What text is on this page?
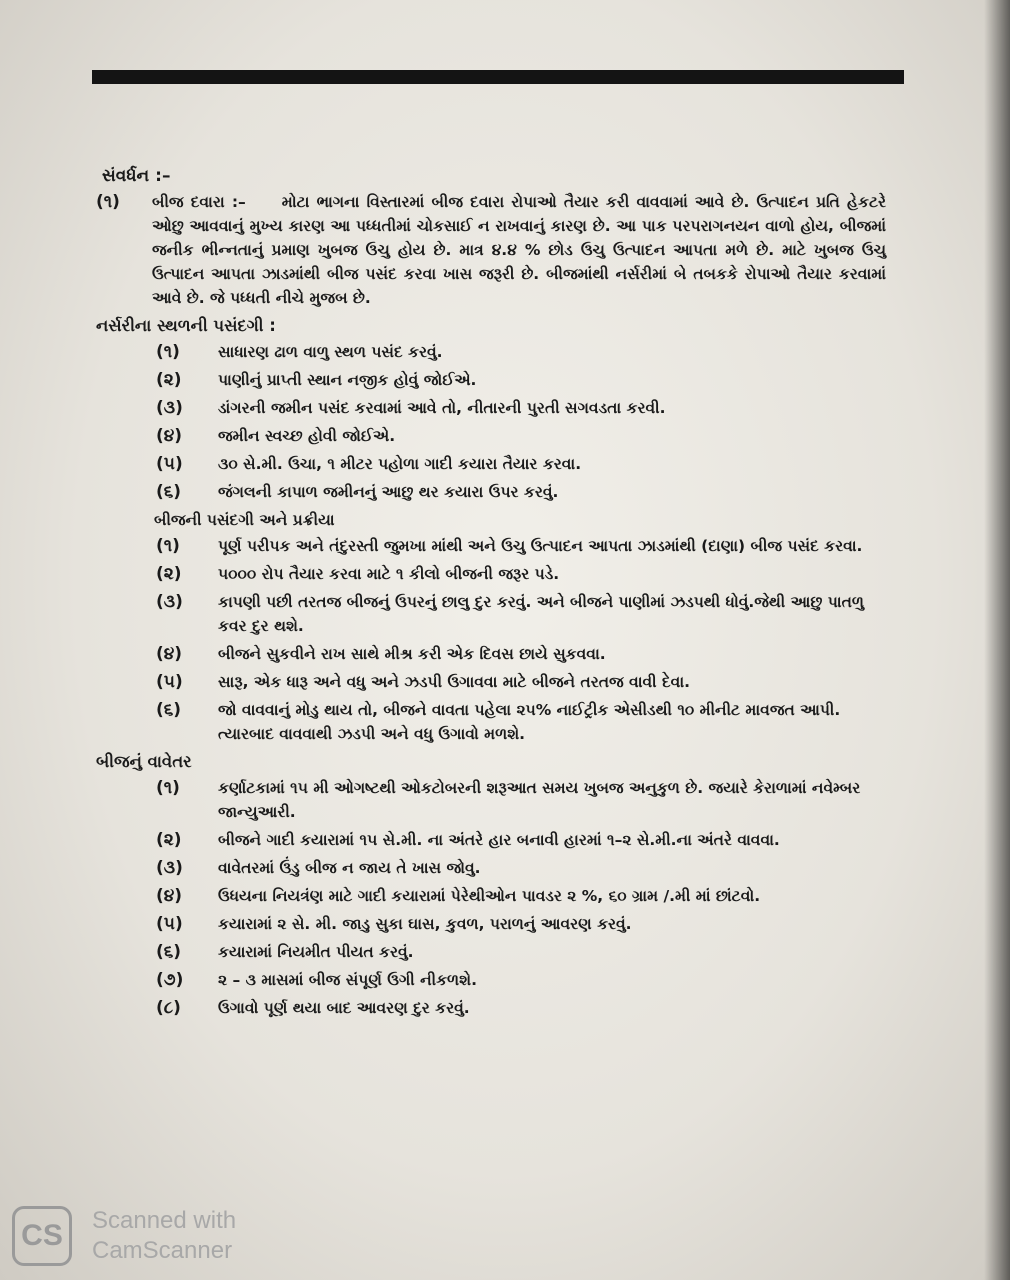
સંવર્ધન :–
(૧)	બીજ દવારા :– મોટા ભાગના વિસ્તારમાં બીજ દવારા રોપાઓ તૈયાર કરી વાવવામાં આવે છે. ઉત્પાદન પ્રતિ હેકટરે ઓછુ આવવાનું મુખ્ય કારણ આ પધ્ધતીમાં ચોકસાઈ ન રાખવાનું કારણ છે. આ પાક પરપરાગનયન વાળો હોય, બીજમાં જનીક ભીન્નતાનું પ્રમાણ ખુબજ ઉચુ હોય છે. માત્ર ૪.૪ % છોડ ઉચુ ઉત્પાદન આપતા મળે છે. માટે ખુબજ ઉચુ ઉત્પાદન આપતા ઝાડમાંથી બીજ પસંદ કરવા ખાસ જરૂરી છે. બીજમાંથી નર્સરીમાં બે તબકકે રોપાઓ તૈયાર કરવામાં આવે છે. જે પધ્ધતી નીચે મુજબ છે.
નર્સરીના સ્થળની પસંદગી :
(૧)	સાધારણ ઢાળ વાળુ સ્થળ પસંદ કરવું.
(૨)	પાણીનું પ્રાપ્તી સ્થાન નજીક હોવું જોઈએ.
(૩)	ડાંગરની જમીન પસંદ કરવામાં આવે તો, નીતારની પુરતી સગવડતા કરવી.
(૪)	જમીન સ્વચ્છ હોવી જોઈએ.
(૫)	૩૦ સે.મી. ઉચા, ૧ મીટર પહોળા ગાદી કયારા તૈયાર કરવા.
(૬)	જંગલની કાપાળ જમીનનું આછુ થર કયારા ઉપર કરવું.
બીજની પસંદગી અને પ્રક્રીયા
(૧)	પૂર્ણ પરીપક અને તંદુરસ્તી જુમખા માંથી અને ઉચુ ઉત્પાદન આપતા ઝાડમાંથી (દાણા) બીજ પસંદ કરવા.
(૨)	૫૦૦૦ રોપ તૈયાર કરવા માટે ૧ કીલો બીજની જરૂર પડે.
(૩)	કાપણી પછી તરતજ બીજનું ઉપરનું છાલુ દુર કરવું. અને બીજને પાણીમાં ઝડપથી ધોવું.જેથી આછુ પાતળુ કવર દુર થશે.
(૪)	બીજને સુકવીને રાખ સાથે મીશ્ર કરી એક દિવસ છાયે સુકવવા.
(૫)	સારૂ, એક ધારૂ અને વધુ અને ઝડપી ઉગાવવા માટે બીજને તરતજ વાવી દેવા.
(૬)	જો વાવવાનું મોડુ થાય તો, બીજને વાવતા પહેલા ૨૫% નાઈટ્રીક એસીડથી ૧૦ મીનીટ માવજત આપી. ત્યારબાદ વાવવાથી ઝડપી અને વધુ ઉગાવો મળશે.
બીજનું વાવેતર
(૧)	કર્ણાટકામાં ૧૫ મી ઓગષ્ટથી ઓકટોબરની શરૂઆત સમય ખુબજ અનુકુળ છે. જયારે કેરાળામાં નવેમ્બર જાન્યુઆરી.
(૨)	બીજને ગાદી કયારામાં ૧૫ સે.મી. ના અંતરે હાર બનાવી હારમાં ૧–૨ સે.મી.ના અંતરે વાવવા.
(૩)	વાવેતરમાં ઉંડુ બીજ ન જાય તે ખાસ જોવુ.
(૪)	ઉધયના નિયત્રંણ માટે ગાદી કયારામાં પેરેથીઓન પાવડર ૨ %, ૬૦ ગ્રામ /.મી માં છાંટવો.
(૫)	કયારામાં ૨ સે. મી. જાડુ સુકા ઘાસ, કુવળ, પરાળનું આવરણ કરવું.
(૬)	કયારામાં નિયમીત પીયત કરવું.
(૭)	૨ – ૩ માસમાં બીજ સંપૂર્ણ ઉગી નીકળશે.
(૮)	ઉગાવો પૂર્ણ થયા બાદ આવરણ દુર કરવું.
CS	Scanned with
CamScanner
